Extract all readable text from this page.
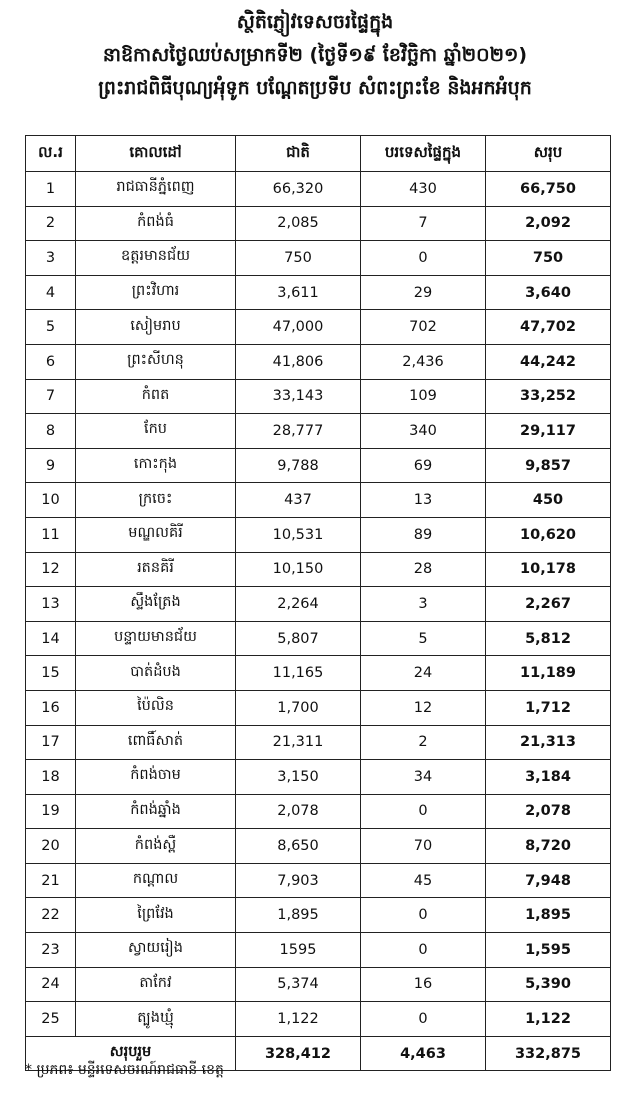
ស្ថិតិភ្ញៀវទេសចរផ្ទៃក្នុង
នាឱកាសថ្ងៃឈប់សម្រាកទី២ (ថ្ងៃទី១៩ ខែវិច្ឆិកា ឆ្នាំ២០២១)
ព្រះរាជពិធីបុណ្យអុំទូក បណ្តែតប្រទីប សំពះព្រះខែ និងអកអំបុក
ល.រ	គោលដៅ	ជាតិ	បរទេសផ្ទៃក្នុង	សរុប
1	រាជធានីភ្នំពេញ	66,320	430	66,750
2	កំពង់ធំ	2,085	7	2,092
3	ឧត្តរមានជ័យ	750	0	750
4	ព្រះវិហារ	3,611	29	3,640
5	សៀមរាប	47,000	702	47,702
6	ព្រះសីហនុ	41,806	2,436	44,242
7	កំពត	33,143	109	33,252
8	កែប	28,777	340	29,117
9	កោះកុង	9,788	69	9,857
10	ក្រចេះ	437	13	450
11	មណ្ឌលគិរី	10,531	89	10,620
12	រតនគិរី	10,150	28	10,178
13	ស្ទឹងត្រែង	2,264	3	2,267
14	បន្ទាយមានជ័យ	5,807	5	5,812
15	បាត់ដំបង	11,165	24	11,189
16	ប៉ៃលិន	1,700	12	1,712
17	ពោធិ៍សាត់	21,311	2	21,313
18	កំពង់ចាម	3,150	34	3,184
19	កំពង់ឆ្នាំង	2,078	0	2,078
20	កំពង់ស្ពឺ	8,650	70	8,720
21	កណ្តាល	7,903	45	7,948
22	ព្រៃវែង	1,895	0	1,895
23	ស្វាយរៀង	1595	0	1,595
24	តាកែវ	5,374	16	5,390
25	ត្បូងឃ្មុំ	1,122	0	1,122
សរុបរួម		328,412	4,463	332,875
* ប្រភព៖ មន្ទីរទេសចរណ៍រាជធានី ខេត្ត
